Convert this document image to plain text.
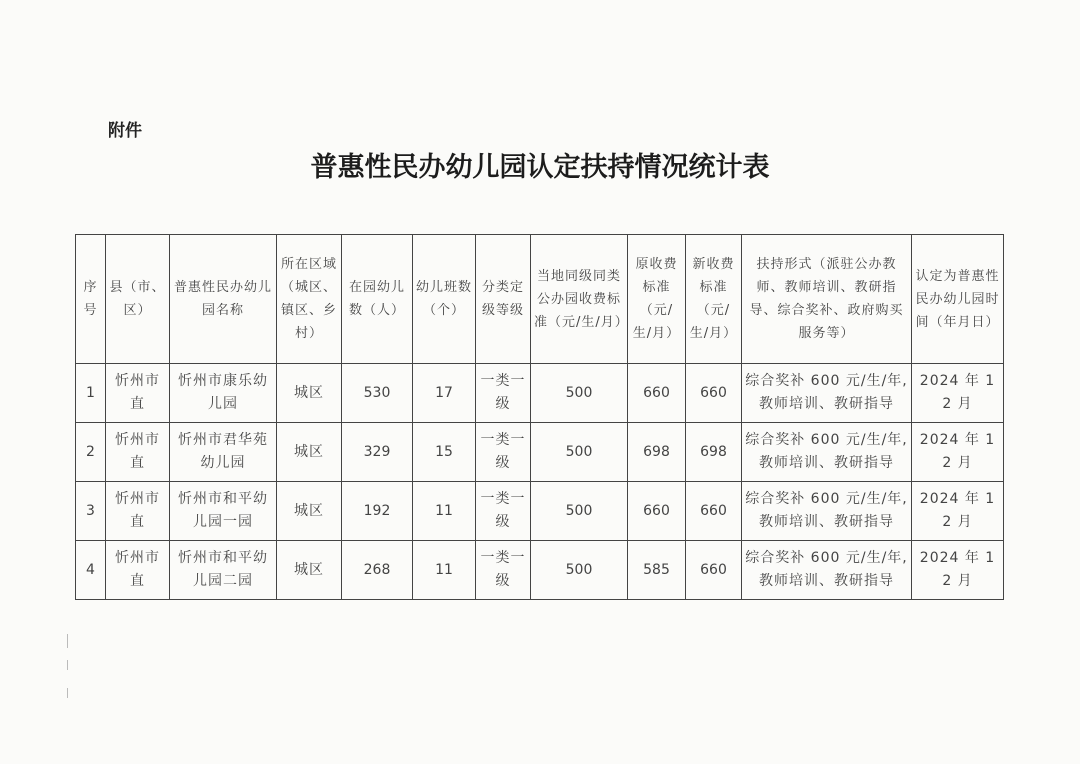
附件
普惠性民办幼儿园认定扶持情况统计表
序号	县（市、区）	普惠性民办幼儿园名称	所在区域（城区、镇区、乡村）	在园幼儿数（人）	幼儿班数（个）	分类定级等级	当地同级同类公办园收费标准（元/生/月）	原收费标准（元/生/月）	新收费标准（元/生/月）	扶持形式（派驻公办教师、教师培训、教研指导、综合奖补、政府购买服务等）	认定为普惠性民办幼儿园时间（年月日）
1	忻州市直	忻州市康乐幼儿园	城区	530	17	一类一级	500	660	660	综合奖补 600 元/生/年,教师培训、教研指导	2024 年 12 月
2	忻州市直	忻州市君华苑幼儿园	城区	329	15	一类一级	500	698	698	综合奖补 600 元/生/年,教师培训、教研指导	2024 年 12 月
3	忻州市直	忻州市和平幼儿园一园	城区	192	11	一类一级	500	660	660	综合奖补 600 元/生/年,教师培训、教研指导	2024 年 12 月
4	忻州市直	忻州市和平幼儿园二园	城区	268	11	一类一级	500	585	660	综合奖补 600 元/生/年,教师培训、教研指导	2024 年 12 月
